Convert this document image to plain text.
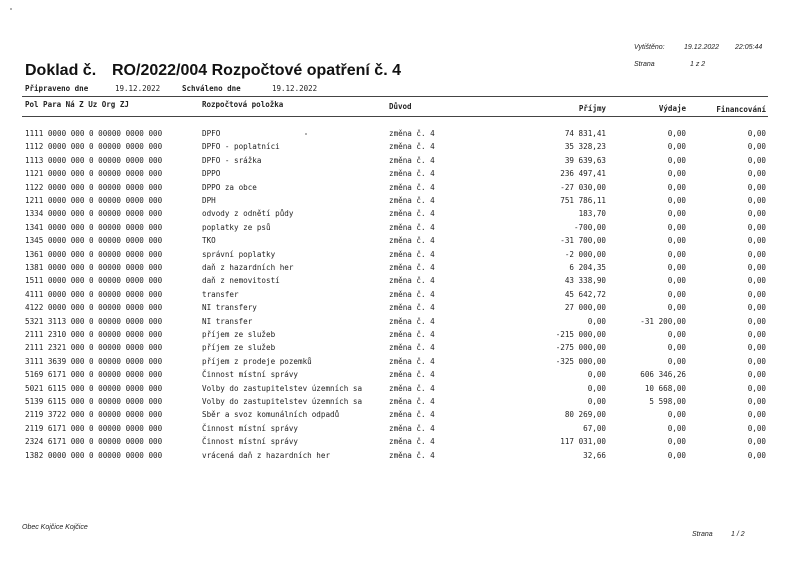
Vytištěno:	19.12.2022 22:05:44
Strana	1 z 2
Doklad č. RO/2022/004 Rozpočtové opatření č. 4
Připraveno dne	19.12.2022	Schváleno dne	19.12.2022
Pol Para Ná Z Uz Org ZJ	Rozpočtová položka	Důvod	Příjmy	Výdaje	Financování
1111 0000 000 0 00000 0000 000	DPFO	změna č. 4	74 831,41	0,00	0,00
1112 0000 000 0 00000 0000 000	DPFO - poplatníci	změna č. 4	35 328,23	0,00	0,00
1113 0000 000 0 00000 0000 000	DPFO - srážka	změna č. 4	39 639,63	0,00	0,00
1121 0000 000 0 00000 0000 000	DPPO	změna č. 4	236 497,41	0,00	0,00
1122 0000 000 0 00000 0000 000	DPPO za obce	změna č. 4	-27 030,00	0,00	0,00
1211 0000 000 0 00000 0000 000	DPH	změna č. 4	751 786,11	0,00	0,00
1334 0000 000 0 00000 0000 000	odvody z odnětí půdy	změna č. 4	183,70	0,00	0,00
1341 0000 000 0 00000 0000 000	poplatky ze psů	změna č. 4	-700,00	0,00	0,00
1345 0000 000 0 00000 0000 000	TKO	změna č. 4	-31 700,00	0,00	0,00
1361 0000 000 0 00000 0000 000	správní poplatky	změna č. 4	-2 000,00	0,00	0,00
1381 0000 000 0 00000 0000 000	daň z hazardních her	změna č. 4	6 204,35	0,00	0,00
1511 0000 000 0 00000 0000 000	daň z nemovitostí	změna č. 4	43 338,90	0,00	0,00
4111 0000 000 0 00000 0000 000	transfer	změna č. 4	45 642,72	0,00	0,00
4122 0000 000 0 00000 0000 000	NI transfery	změna č. 4	27 000,00	0,00	0,00
5321 3113 000 0 00000 0000 000	NI transfer	změna č. 4	0,00	-31 200,00	0,00
2111 2310 000 0 00000 0000 000	příjem ze služeb	změna č. 4	-215 000,00	0,00	0,00
2111 2321 000 0 00000 0000 000	příjem ze služeb	změna č. 4	-275 000,00	0,00	0,00
3111 3639 000 0 00000 0000 000	příjem z prodeje pozemků	změna č. 4	-325 000,00	0,00	0,00
5169 6171 000 0 00000 0000 000	Činnost místní správy	změna č. 4	0,00	606 346,26	0,00
5021 6115 000 0 00000 0000 000	Volby do zastupitelstev územních sa	změna č. 4	0,00	10 668,00	0,00
5139 6115 000 0 00000 0000 000	Volby do zastupitelstev územních sa	změna č. 4	0,00	5 598,00	0,00
2119 3722 000 0 00000 0000 000	Sběr a svoz komunálních odpadů	změna č. 4	80 269,00	0,00	0,00
2119 6171 000 0 00000 0000 000	Činnost místní správy	změna č. 4	67,00	0,00	0,00
2324 6171 000 0 00000 0000 000	Činnost místní správy	změna č. 4	117 031,00	0,00	0,00
1382 0000 000 0 00000 0000 000	vrácená daň z hazardních her	změna č. 4	32,66	0,00	0,00
Obec Kojčice Kojčice
Strana	1 / 2
